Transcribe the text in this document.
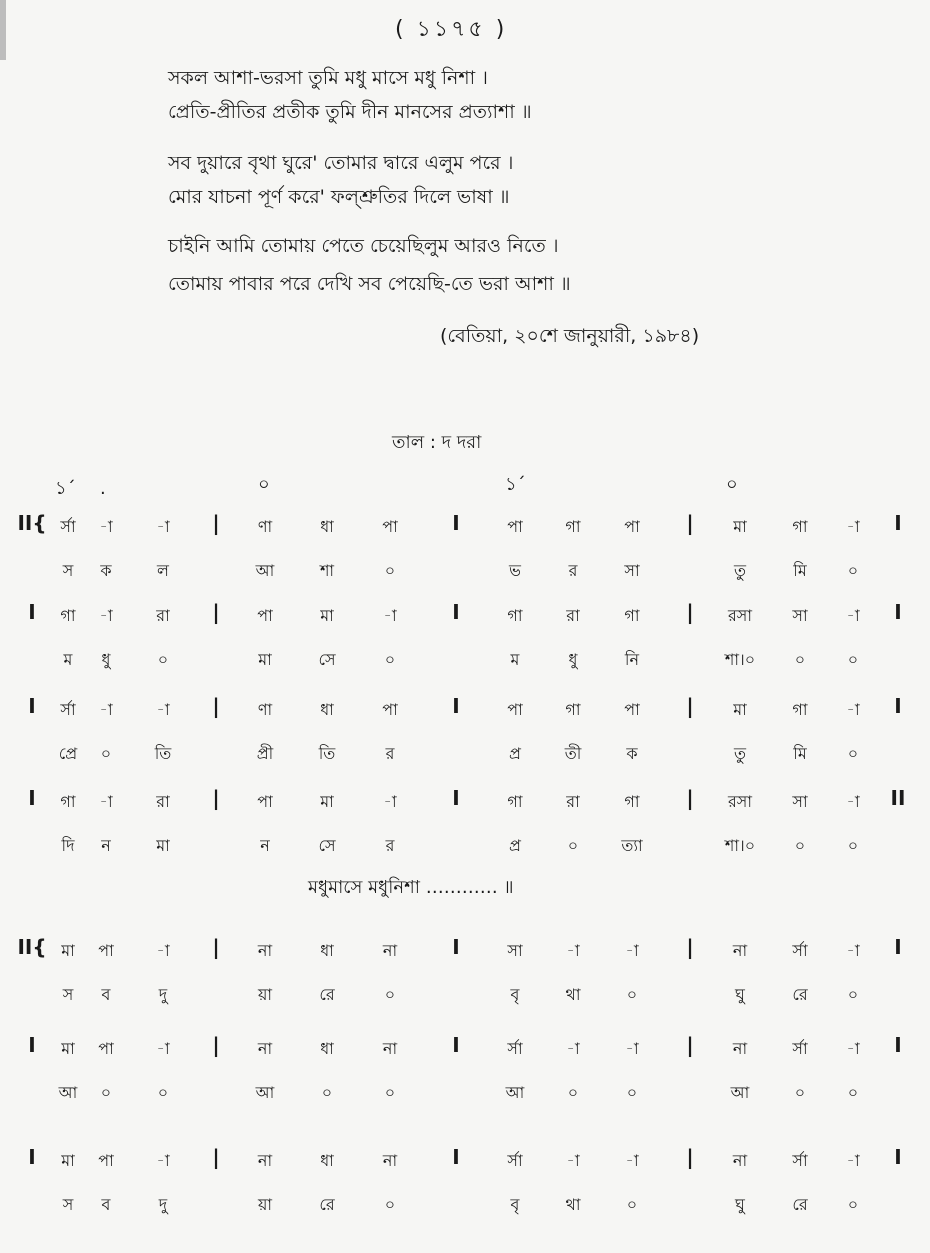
( ১১৭৫ )
সকল আশা-ভরসা তুমি মধু মাসে মধু নিশা ।
প্রেতি-প্রীতির প্রতীক তুমি দীন মানসের প্রত্যাশা ॥
সব দুয়ারে বৃথা ঘুরে' তোমার দ্বারে এলুম পরে ।
মোর যাচনা পূর্ণ করে' ফল্‌শ্রুতির দিলে ভাষা ॥
চাইনি আমি তোমায় পেতে চেয়েছিলুম আরও নিতে ।
তোমায় পাবার পরে দেখি সব পেয়েছি-তে ভরা আশা ॥
(বেতিয়া, ২০শে জানুয়ারী, ১৯৮৪)
তাল : দ দরা
১´ .	০	১´	০
II{ র্সা -া	-া | ণা	ধা	পা	I	পা	গা	পা | মা	গা -া I
স ক	ল	আ	শা	০	ভ	র	সা	তু	মি	০
I গা -া	রা | পা	মা	-া	I	গা	রা	গা | রসা	সা -া I
ম ধু	০	মা	সে	০	ম	ধু	নি	শা।০ ০	০
I র্সা -া	-া | ণা	ধা	পা	I	পা	গা	পা | মা	গা -া I
প্রে ০	তি	প্রী	তি	র	প্র	তী	ক	তু	মি	০
I গা -া	রা | পা	মা	-া	I	গা	রা	গা | রসা	সা -া II
দি ন	মা	ন	সে	র	প্র	০	ত্যা	শা।০ ০	০
II{ মা পা	-া | না	ধা	না	I	সা	-া	-া | না	র্সা -া I
স ব	দু	য়া	রে	০	বৃ	থা	০	ঘু	রে	০
I মা পা	-া | না	ধা	না	I	র্সা	-া	-া | না	র্সা -া I
আ ০	০	আ	০	০	আ	০	০	আ	০	০
I মা পা	-া | না	ধা	না	I	র্সা	-া	-া | না	র্সা -া I
স ব	দু	য়া	রে	০	বৃ	থা	০	ঘু	রে	০
মধুমাসে মধুনিশা ………… ॥
